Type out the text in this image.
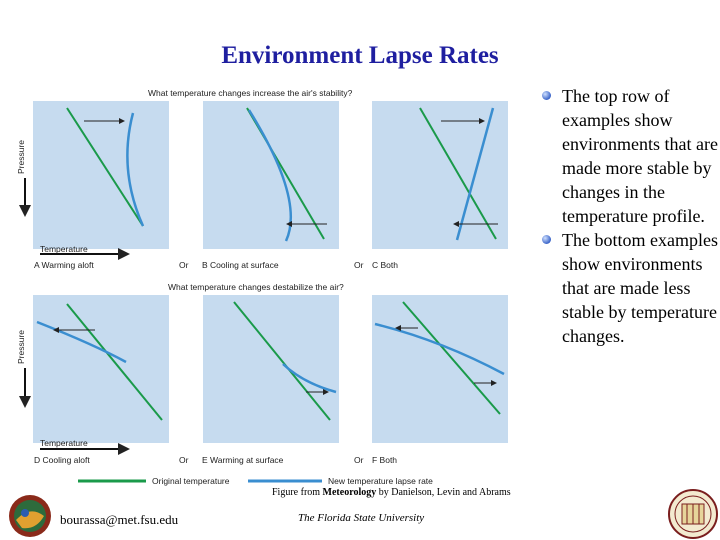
Environment Lapse Rates
What temperature changes increase the air's stability?
What temperature changes destabilize the air?
Pressure
Pressure
Temperature
Temperature
A Warming aloft	Or B Cooling at surface	Or C Both
D Cooling aloft	Or E Warming at surface	Or F Both
Original temperature	New temperature lapse rate
The top row of examples show environments that are made more stable by changes in the temperature profile.
The bottom examples show environments that are made less stable by temperature changes.
Figure from Meteorology by Danielson, Levin and Abrams
bourassa@met.fsu.edu	The Florida State University
